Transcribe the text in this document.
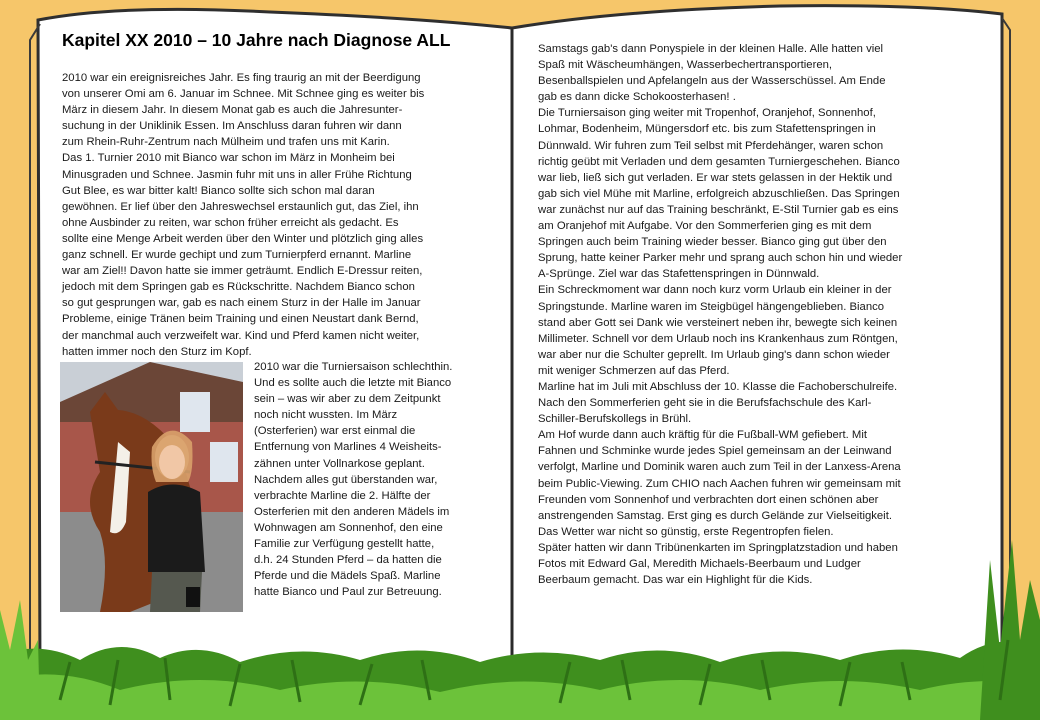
Kapitel XX 2010 – 10 Jahre nach Diagnose ALL

2010 war ein ereignisreiches Jahr. Es fing traurig an mit der Beerdigung

von unserer Omi am 6. Januar im Schnee. Mit Schnee ging es weiter bis

März in diesem Jahr. In diesem Monat gab es auch die Jahresunter-

suchung in der Uniklinik Essen. Im Anschluss daran fuhren wir dann

zum Rhein-Ruhr-Zentrum nach Mülheim und trafen uns mit Karin.

Das 1. Turnier 2010 mit Bianco war schon im März in Monheim bei

Minusgraden und Schnee. Jasmin fuhr mit uns in aller Frühe Richtung

Gut Blee, es war bitter kalt! Bianco sollte sich schon mal daran

gewöhnen. Er lief über den Jahreswechsel erstaunlich gut, das Ziel, ihn

ohne Ausbinder zu reiten, war schon früher erreicht als gedacht. Es

sollte eine Menge Arbeit werden über den Winter und plötzlich ging alles

ganz schnell. Er wurde gechipt und zum Turnierpferd ernannt. Marline

war am Ziel!! Davon hatte sie immer geträumt. Endlich E-Dressur reiten,

jedoch mit dem Springen gab es Rückschritte. Nachdem Bianco schon

so gut gesprungen war, gab es nach einem Sturz in der Halle im Januar

Probleme, einige Tränen beim Training und einen Neustart dank Bernd,

der manchmal auch verzweifelt war. Kind und Pferd kamen nicht weiter,

hatten immer noch den Sturz im Kopf.

2010 war die Turniersaison schlechthin.

Und es sollte auch die letzte mit Bianco

sein – was wir aber zu dem Zeitpunkt

noch nicht wussten. Im März

(Osterferien) war erst einmal die

Entfernung von Marlines 4 Weisheits-

zähnen unter Vollnarkose geplant.

Nachdem alles gut überstanden war,

verbrachte Marline die 2. Hälfte der

Osterferien mit den anderen Mädels im

Wohnwagen am Sonnenhof, den eine

Familie zur Verfügung gestellt hatte,

d.h. 24 Stunden Pferd – da hatten die

Pferde und die Mädels Spaß. Marline

hatte Bianco und Paul zur Betreuung.

Samstags gab's dann Ponyspiele in der kleinen Halle. Alle hatten viel

Spaß mit Wäscheumhängen, Wasserbechertransportieren,

Besenballspielen und Apfelangeln aus der Wasserschüssel. Am Ende

gab es dann dicke Schokoosterhasen! .

Die Turniersaison ging weiter mit Tropenhof, Oranjehof, Sonnenhof,

Lohmar, Bodenheim, Müngersdorf etc. bis zum Stafettenspringen in

Dünnwald. Wir fuhren zum Teil selbst mit Pferdehänger, waren schon

richtig geübt mit Verladen und dem gesamten Turniergeschehen. Bianco

war lieb, ließ sich gut verladen. Er war stets gelassen in der Hektik und

gab sich viel Mühe mit Marline, erfolgreich abzuschließen. Das Springen

war zunächst nur auf das Training beschränkt, E-Stil Turnier gab es eins

am Oranjehof mit Aufgabe. Vor den Sommerferien ging es mit dem

Springen auch beim Training wieder besser. Bianco ging gut über den

Sprung, hatte keiner Parker mehr und sprang auch schon hin und wieder

A-Sprünge. Ziel war das Stafettenspringen in Dünnwald.

Ein Schreckmoment war dann noch kurz vorm Urlaub ein kleiner in der

Springstunde. Marline waren im Steigbügel hängengeblieben. Bianco

stand aber Gott sei Dank wie versteinert neben ihr, bewegte sich keinen

Millimeter. Schnell vor dem Urlaub noch ins Krankenhaus zum Röntgen,

war aber nur die Schulter geprellt. Im Urlaub ging's dann schon wieder

mit weniger Schmerzen auf das Pferd.

Marline hat im Juli mit Abschluss der 10. Klasse die Fachoberschulreife.

Nach den Sommerferien geht sie in die Berufsfachschule des Karl-

Schiller-Berufskollegs in Brühl.

Am Hof wurde dann auch kräftig für die Fußball-WM gefiebert. Mit

Fahnen und Schminke wurde jedes Spiel gemeinsam an der Leinwand

verfolgt, Marline und Dominik waren auch zum Teil in der Lanxess-Arena

beim Public-Viewing. Zum CHIO nach Aachen fuhren wir gemeinsam mit

Freunden vom Sonnenhof und verbrachten dort einen schönen aber

anstrengenden Samstag. Erst ging es durch Gelände zur Vielseitigkeit.

Das Wetter war nicht so günstig, erste Regentropfen fielen.

Später hatten wir dann Tribünenkarten im Springplatzstadion und haben

Fotos mit Edward Gal, Meredith Michaels-Beerbaum und Ludger

Beerbaum gemacht. Das war ein Highlight für die Kids.
